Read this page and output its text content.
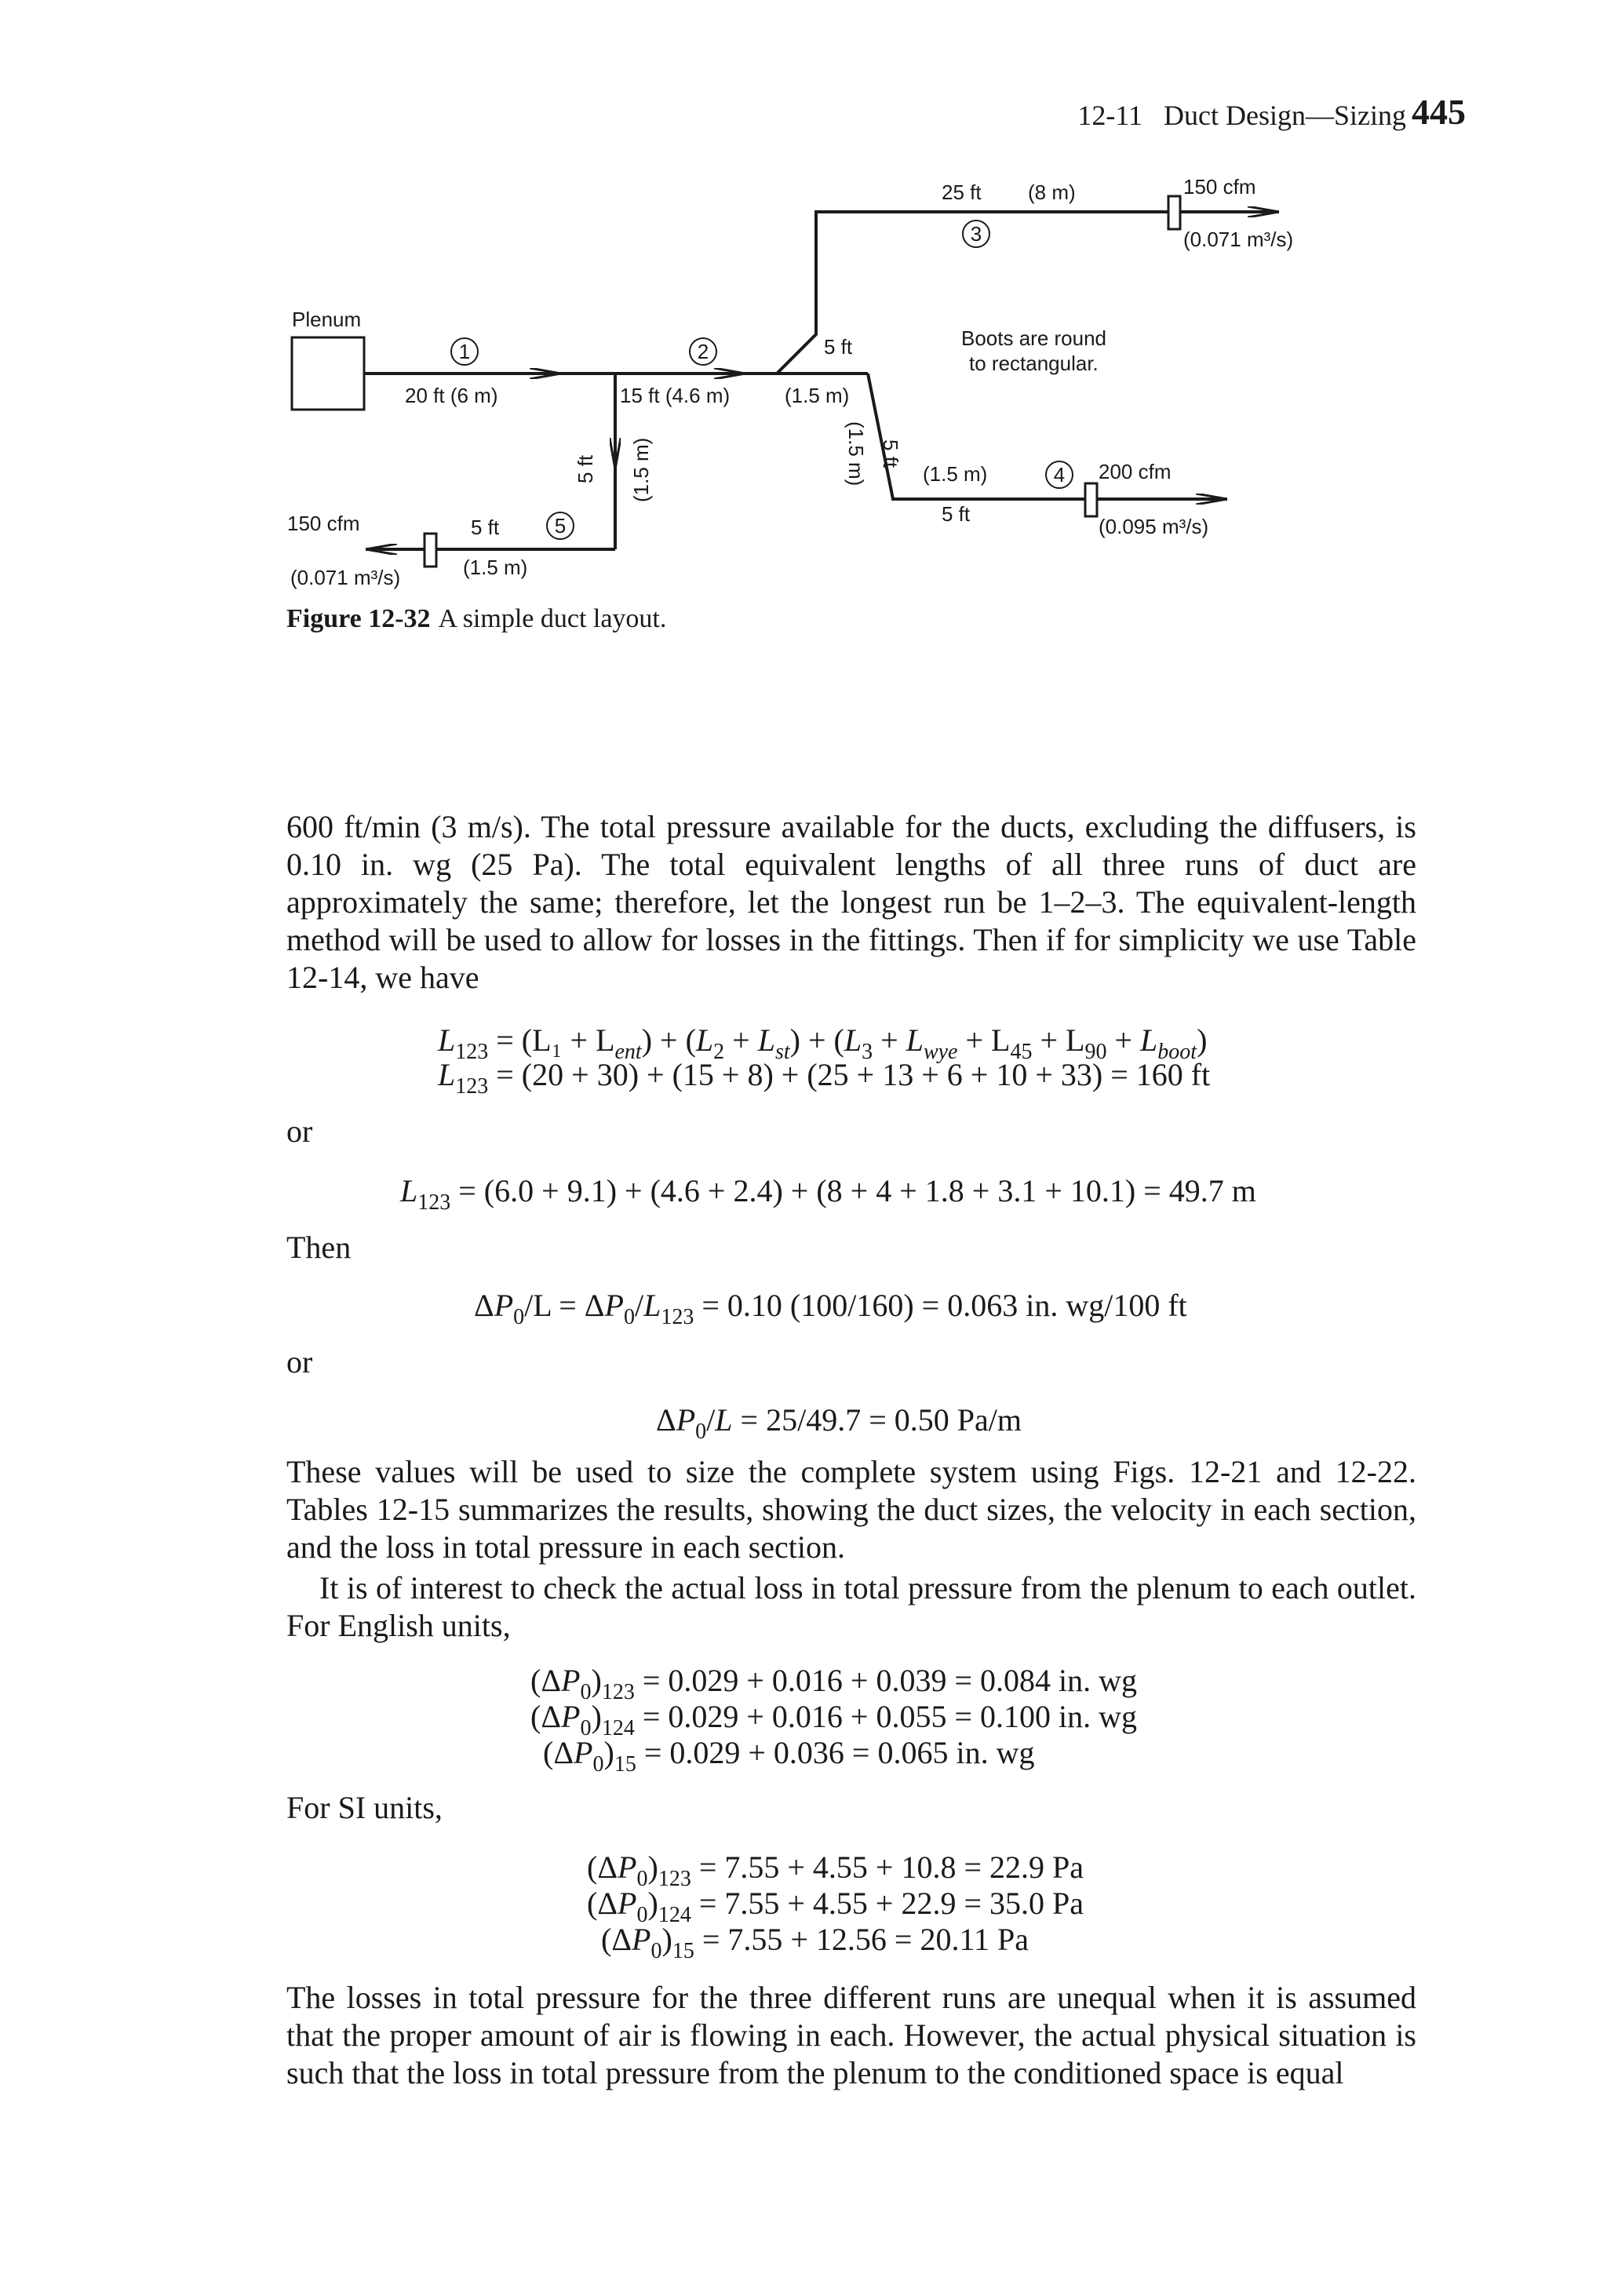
12-11  Duct Design—Sizing 445
Plenum
1
20 ft (6 m)
2
15 ft (4.6 m)
3
25 ft (8 m)	150 cfm
(0.071 m³/s)
5 ft
(1.5 m)
Boots are round
to rectangular.
5 ft
(1.5 m)	4
(1.5 m)
5 ft
200 cfm
(0.095 m³/s)
5 ft (1.5 m)
5
5 ft
(1.5 m)
150 cfm
(0.071 m³/s)
Figure 12-32 A simple duct layout.
600 ft/min (3 m/s). The total pressure available for the ducts, excluding the diffusers, is 0.10 in. wg (25 Pa). The total equivalent lengths of all three runs of duct are approximately the same; therefore, let the longest run be 1–2–3. The equivalent-length method will be used to allow for losses in the fittings. Then if for simplicity we use Table 12-14, we have
$L_{123} = (L_1 + L_{ent}) + (L_2 + L_{st}) + (L_3 + L_{wye} + L_{45} + L_{90} + L_{boot})$
$L_{123} = (20 + 30) + (15 + 8) + (25 + 13 + 6 + 10 + 33) = 160$ ft
or
$L_{123} = (6.0 + 9.1) + (4.6 + 2.4) + (8 + 4 + 1.8 + 3.1 + 10.1) = 49.7$ m
Then
$\Delta P_0/L = \Delta P_0/L_{123} = 0.10$ (100/160) = 0.063 in. wg/100 ft
or
$\Delta P_0/L = 25/49.7 = 0.50$ Pa/m
These values will be used to size the complete system using Figs. 12-21 and 12-22. Tables 12-15 summarizes the results, showing the duct sizes, the velocity in each section, and the loss in total pressure in each section.
It is of interest to check the actual loss in total pressure from the plenum to each outlet. For English units,
$(\Delta P_0)_{123} = 0.029 + 0.016 + 0.039 = 0.084$ in. wg
$(\Delta P_0)_{124} = 0.029 + 0.016 + 0.055 = 0.100$ in. wg
$(\Delta P_0)_{15} = 0.029 + 0.036 = 0.065$ in. wg
For SI units,
$(\Delta P_0)_{123} = 7.55 + 4.55 + 10.8 = 22.9$ Pa
$(\Delta P_0)_{124} = 7.55 + 4.55 + 22.9 = 35.0$ Pa
$(\Delta P_0)_{15} = 7.55 + 12.56 = 20.11$ Pa
The losses in total pressure for the three different runs are unequal when it is assumed that the proper amount of air is flowing in each. However, the actual physical situation is such that the loss in total pressure from the plenum to the conditioned space is equal
